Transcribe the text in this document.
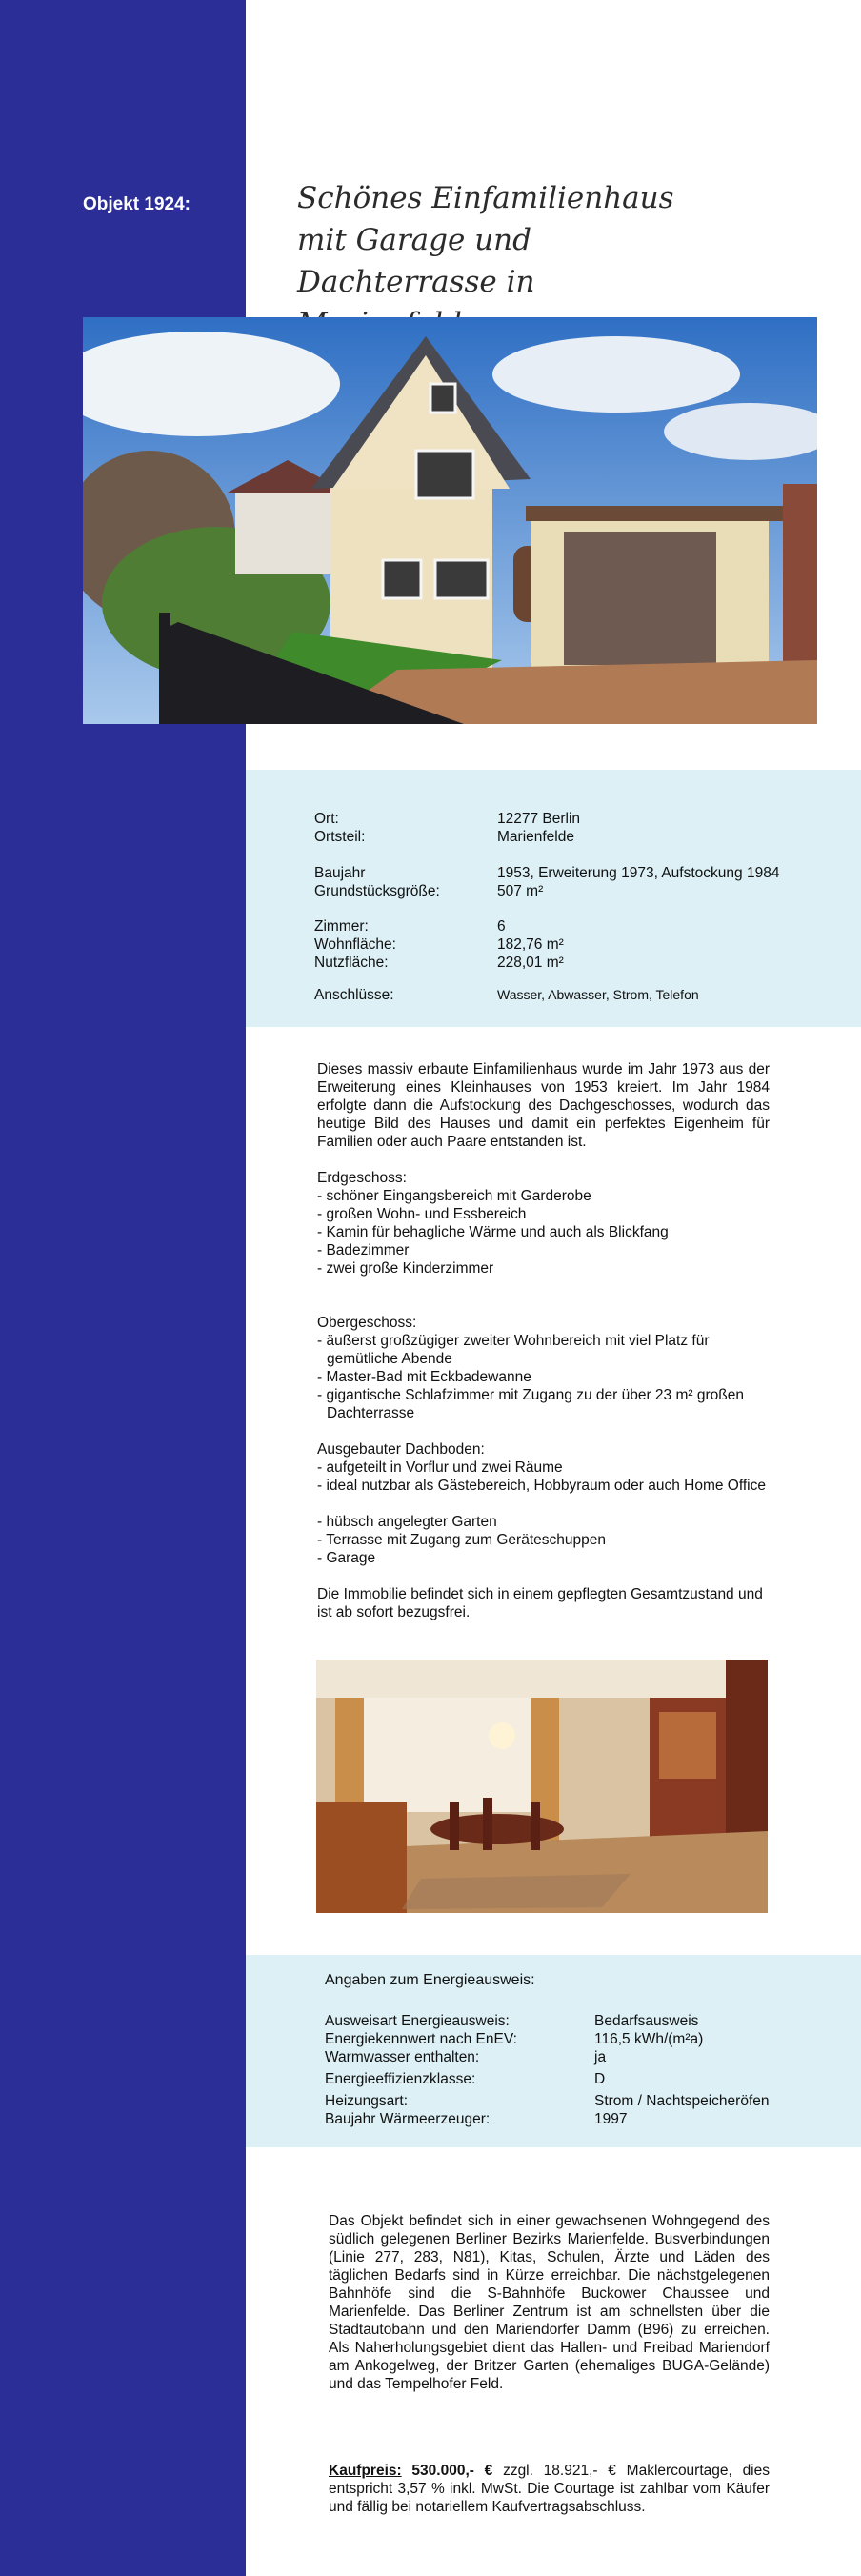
Objekt 1924:	Schönes Einfamilienhaus mit Garage und
Dachterrasse in
Ort:	12277 Berlin
Ortsteil:	Marienfelde
Baujahr	1953, Erweiterung 1973, Aufstockung 1984
Grundstücksgröße:	507 m²
Zimmer:	6
Wohnfläche:	182,76 m²
Nutzfläche:	228,01 m²
Anschlüsse:	Wasser, Abwasser, Strom, Telefon

Dieses massiv erbaute Einfamilienhaus wurde im Jahr 1973 aus der Erweiterung eines Kleinhauses von 1953 kreiert. Im Jahr 1984 erfolgte dann die Aufstockung des Dachgeschosses, wodurch das heutige Bild des Hauses und damit ein perfektes Eigenheim für Familien oder auch Paare entstanden ist.

Erdgeschoss:

- schöner Eingangsbereich mit Garderobe
- großen Wohn- und Essbereich
- Kamin für behagliche Wärme und auch als Blickfang
- Badezimmer
- zwei große Kinderzimmer

Obergeschoss:

- äußerst großzügiger zweiter Wohnbereich mit viel Platz für gemütliche Abende
- Master-Bad mit Eckbadewanne
- gigantische Schlafzimmer mit Zugang zu der über 23 m² großen Dachterrasse

Ausgebauter Dachboden:

- aufgeteilt in Vorflur und zwei Räume
- ideal nutzbar als Gästebereich, Hobbyraum oder auch Home Office
- hübsch angelegter Garten
- Terrasse mit Zugang zum Geräteschuppen
- Garage

Die Immobilie befindet sich in einem gepflegten Gesamtzustand und ist ab sofort bezugsfrei.

Angaben zum Energieausweis:
Ausweisart Energieausweis:	Bedarfsausweis
Energiekennwert nach EnEV:	116,5 kWh/(m²a)
Warmwasser enthalten:	ja
Energieeffizienzklasse:	D
Heizungsart:	Strom / Nachtspeicheröfen
Baujahr Wärmeerzeuger:	1997
Das Objekt befindet sich in einer gewachsenen Wohngegend des südlich gelegenen Berliner Bezirks Marienfelde. Busverbindungen (Linie 277, 283, N81), Kitas, Schulen, Ärzte und Läden des täglichen Bedarfs sind in Kürze erreichbar. Die nächstgelegenen Bahnhöfe sind die S-Bahnhöfe Buckower Chaussee und Marienfelde. Das Berliner Zentrum ist am schnellsten über die Stadtautobahn und den Mariendorfer Damm (B96) zu erreichen. Als Naherholungsgebiet dient das Hallen- und Freibad Mariendorf am Ankogelweg, der Britzer Garten (ehemaliges BUGA-Gelände) und das Tempelhofer Feld.
Kaufpreis: 530.000,- € zzgl. 18.921,- € Maklercourtage, dies entspricht 3,57 % inkl. MwSt. Die Courtage ist zahlbar vom Käufer und fällig bei notariellem Kaufvertragsabschluss.
